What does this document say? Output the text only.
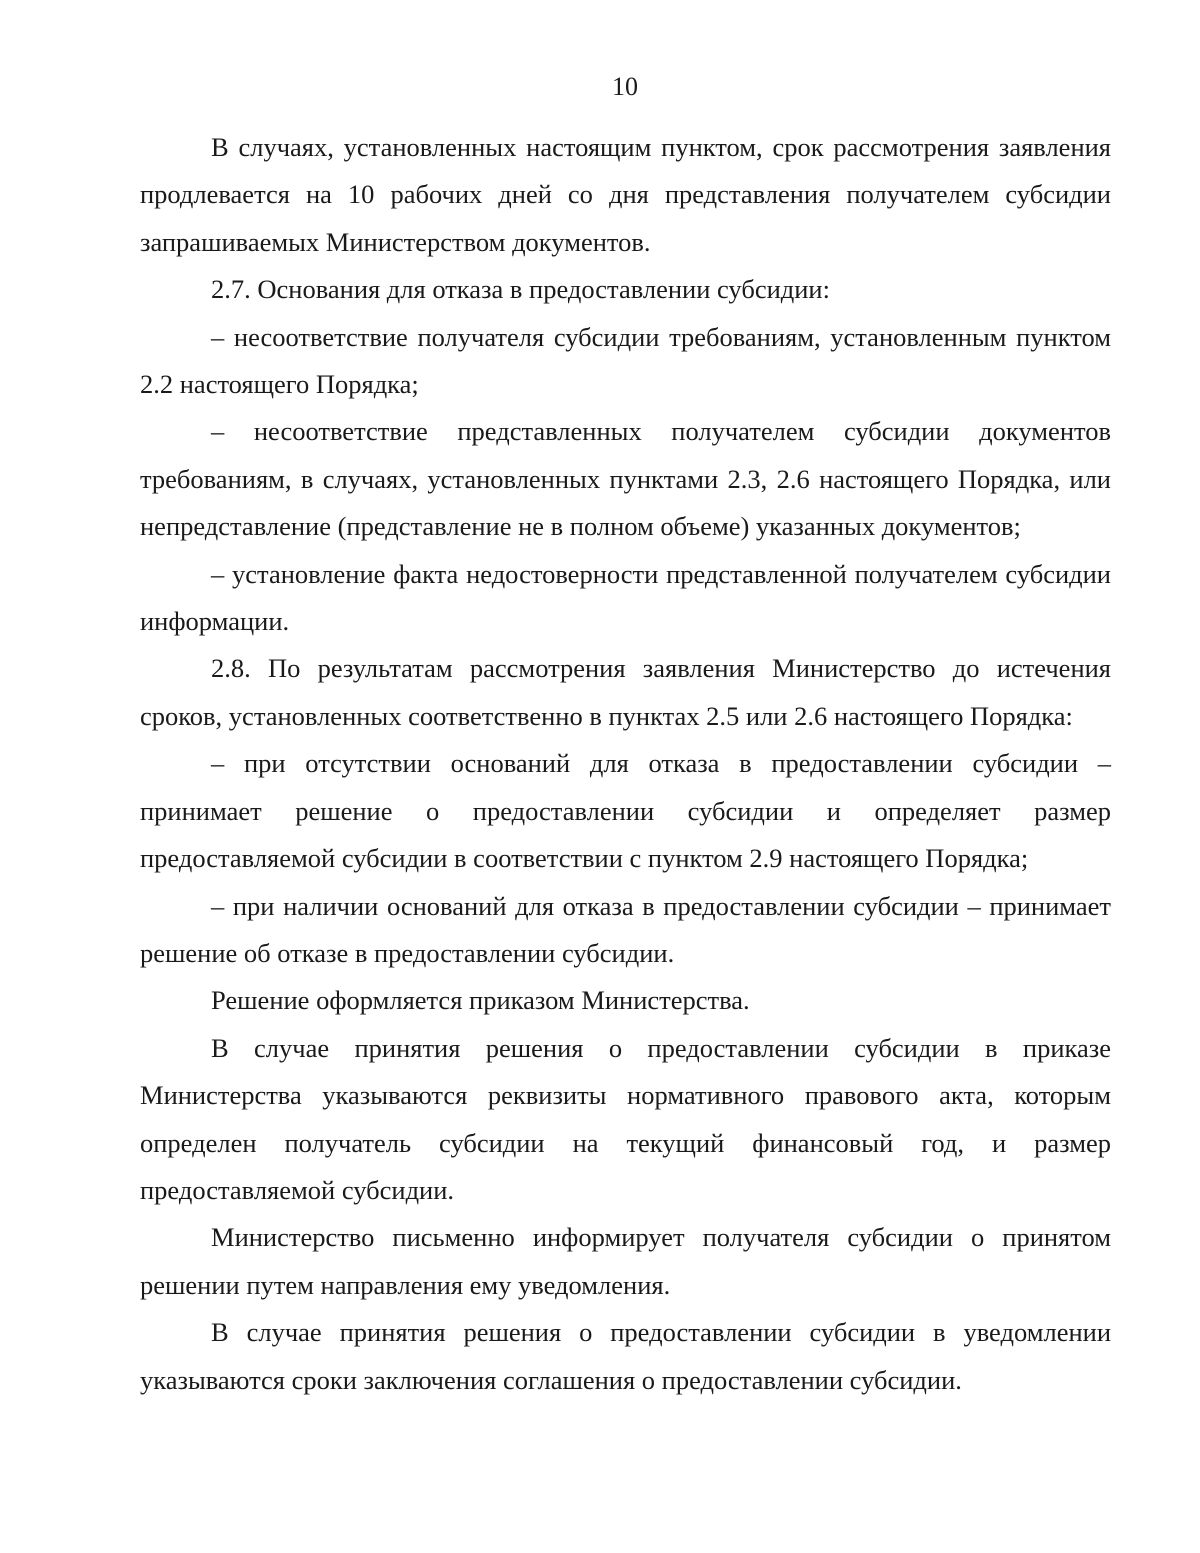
10

В случаях, установленных настоящим пунктом, срок рассмотрения заявления продлевается на 10 рабочих дней со дня представления получателем субсидии запрашиваемых Министерством документов.

2.7. Основания для отказа в предоставлении субсидии:

– несоответствие получателя субсидии требованиям, установленным пунктом 2.2 настоящего Порядка;

– несоответствие представленных получателем субсидии документов требованиям, в случаях, установленных пунктами 2.3, 2.6 настоящего Порядка, или непредставление (представление не в полном объеме) указанных документов;

– установление факта недостоверности представленной получателем субсидии информации.

2.8. По результатам рассмотрения заявления Министерство до истечения сроков, установленных соответственно в пунктах 2.5 или 2.6 настоящего Порядка:

– при отсутствии оснований для отказа в предоставлении субсидии – принимает решение о предоставлении субсидии и определяет размер предоставляемой субсидии в соответствии с пунктом 2.9 настоящего Порядка;

– при наличии оснований для отказа в предоставлении субсидии – принимает решение об отказе в предоставлении субсидии.

Решение оформляется приказом Министерства.

В случае принятия решения о предоставлении субсидии в приказе Министерства указываются реквизиты нормативного правового акта, которым определен получатель субсидии на текущий финансовый год, и размер предоставляемой субсидии.

Министерство письменно информирует получателя субсидии о принятом решении путем направления ему уведомления.

В случае принятия решения о предоставлении субсидии в уведомлении указываются сроки заключения соглашения о предоставлении субсидии.
